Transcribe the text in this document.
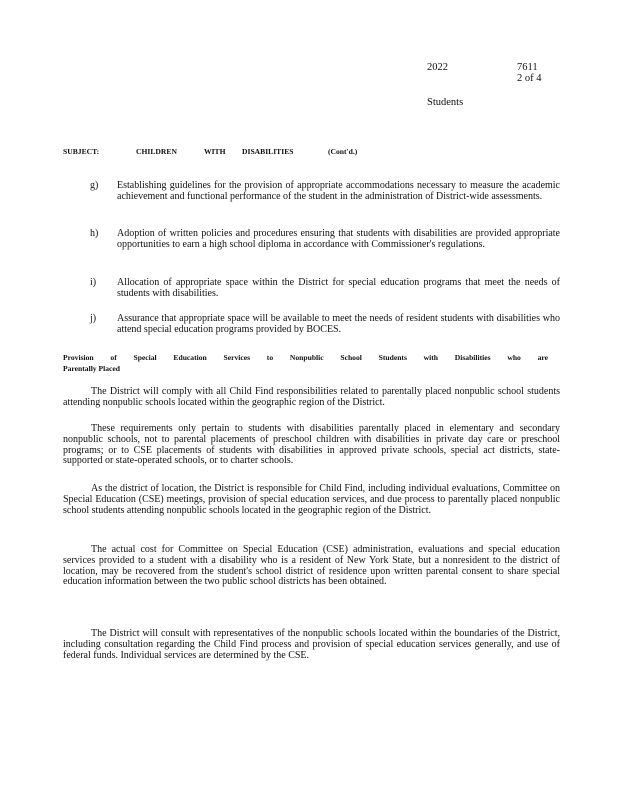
2022	7611
2 of 4
Students
SUBJECT:	CHILDREN	WITH DISABILITIES	(Cont'd.)
g) Establishing guidelines for the provision of appropriate accommodations necessary to measure the academic achievement and functional performance of the student in the administration of District-wide assessments.
h) Adoption of written policies and procedures ensuring that students with disabilities are provided appropriate opportunities to earn a high school diploma in accordance with Commissioner's regulations.
i) Allocation of appropriate space within the District for special education programs that meet the needs of students with disabilities.
j) Assurance that appropriate space will be available to meet the needs of resident students with disabilities who attend special education programs provided by BOCES.
Provision of Special Education Services to Nonpublic School Students with Disabilities who are
Parentally Placed
The District will comply with all Child Find responsibilities related to parentally placed nonpublic school students attending nonpublic schools located within the geographic region of the District.
These requirements only pertain to students with disabilities parentally placed in elementary and secondary nonpublic schools, not to parental placements of preschool children with disabilities in private day care or preschool programs; or to CSE placements of students with disabilities in approved private schools, special act districts, state-supported or state-operated schools, or to charter schools.
As the district of location, the District is responsible for Child Find, including individual evaluations, Committee on Special Education (CSE) meetings, provision of special education services, and due process to parentally placed nonpublic school students attending nonpublic schools located in the geographic region of the District.
The actual cost for Committee on Special Education (CSE) administration, evaluations and special education services provided to a student with a disability who is a resident of New York State, but a nonresident to the district of location, may be recovered from the student's school district of residence upon written parental consent to share special education information between the two public school districts has been obtained.
The District will consult with representatives of the nonpublic schools located within the boundaries of the District, including consultation regarding the Child Find process and provision of special education services generally, and use of federal funds. Individual services are determined by the CSE.
